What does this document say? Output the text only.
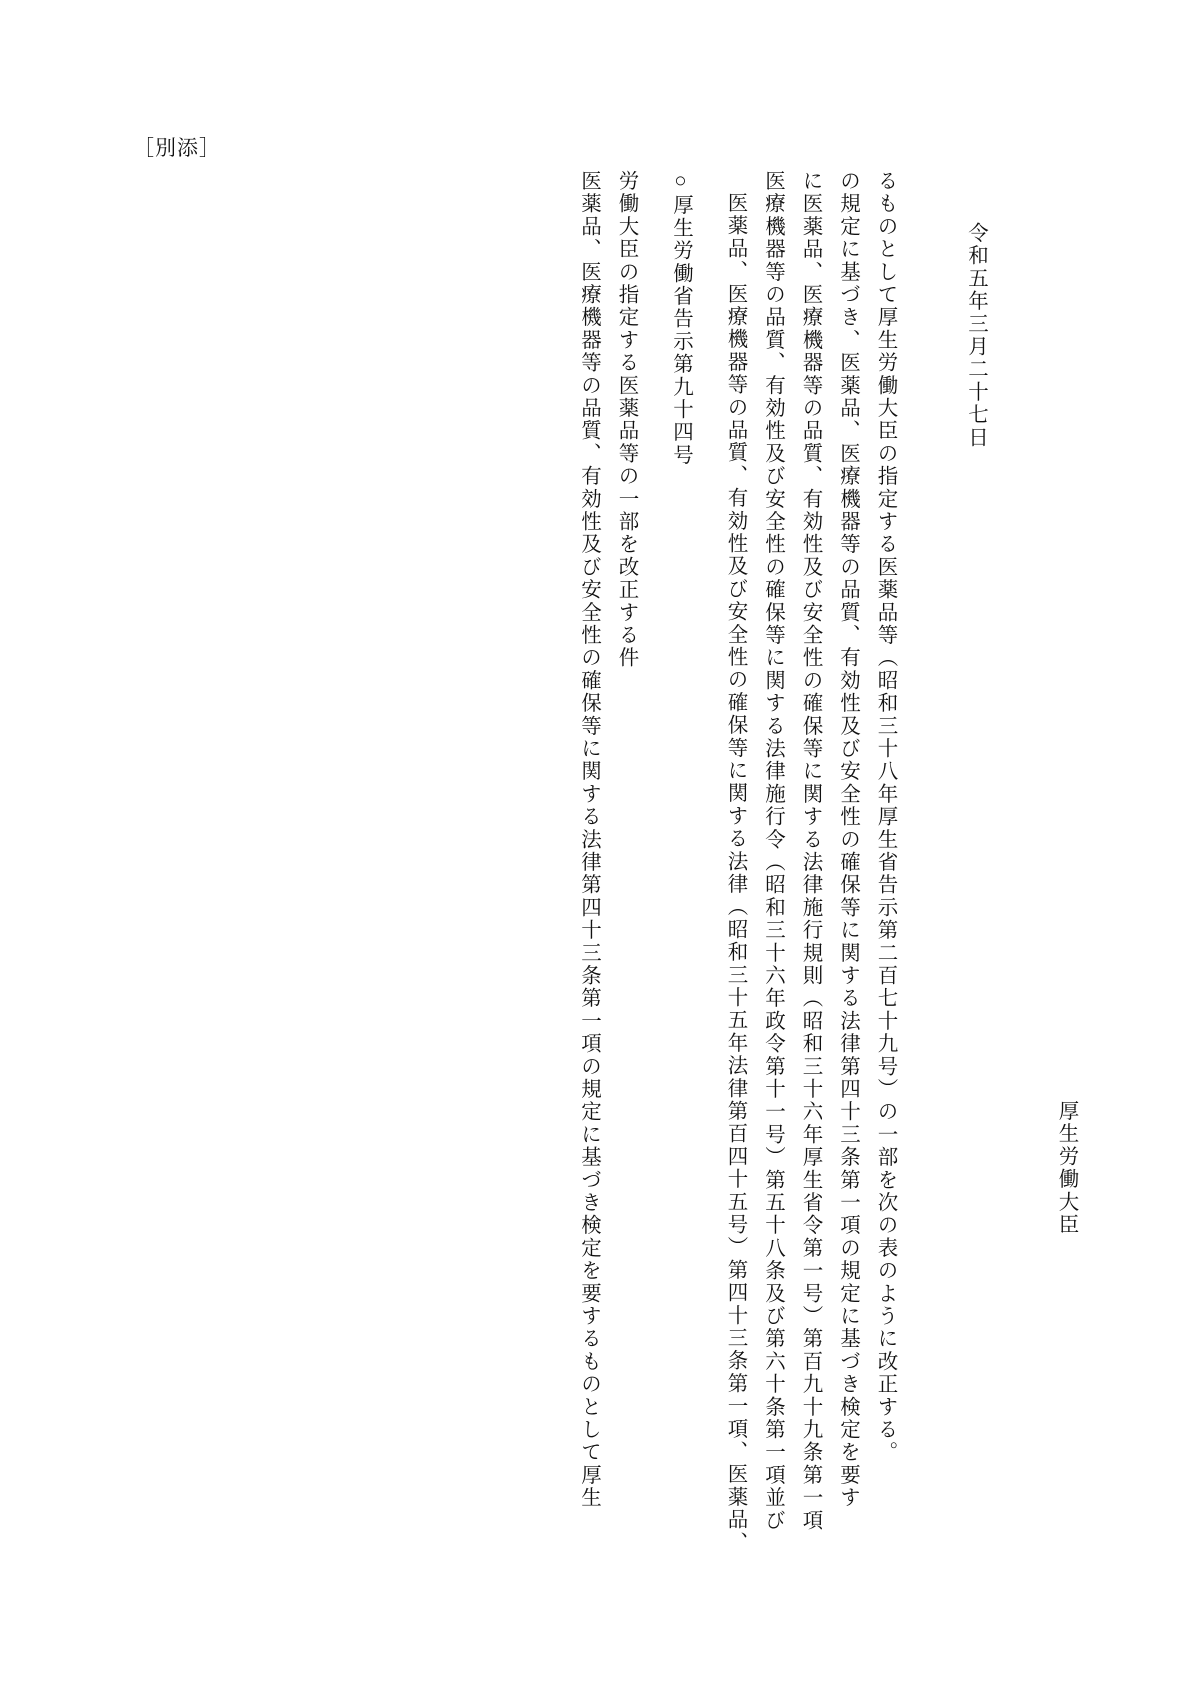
［別添］
医薬品、医療機器等の品質、有効性及び安全性の確保等に関する法律第四十三条第一項の規定に基づき検定を要するものとして厚生 労働大臣の指定する医薬品等の一部を改正する件 ○厚生労働省告示第九十四号 医薬品、医療機器等の品質、有効性及び安全性の確保等に関する法律（昭和三十五年法律第百四十五号）第四十三条第一項、医薬品、 医療機器等の品質、有効性及び安全性の確保等に関する法律施行令（昭和三十六年政令第十一号）第五十八条及び第六十条第一項並び に医薬品、医療機器等の品質、有効性及び安全性の確保等に関する法律施行規則（昭和三十六年厚生省令第一号）第百九十九条第一項 の規定に基づき、医薬品、医療機器等の品質、有効性及び安全性の確保等に関する法律第四十三条第一項の規定に基づき検定を要す るものとして厚生労働大臣の指定する医薬品等（昭和三十八年厚生省告示第二百七十九号）の一部を次の表のように改正する。	令和五年三月二十七日
厚生労働大臣
